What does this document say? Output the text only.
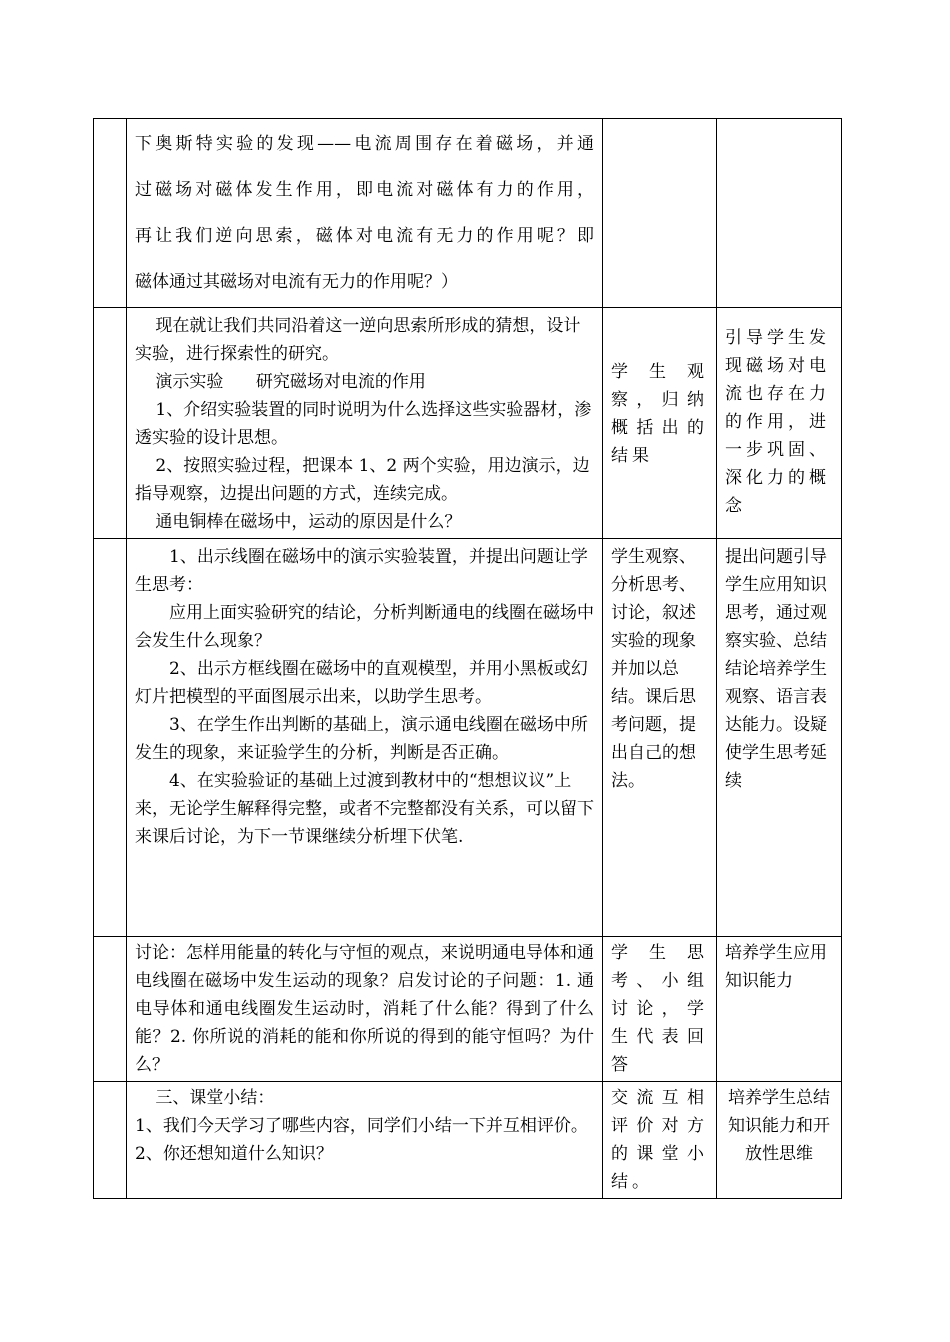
	下奥斯特实验的发现——电流周围存在着磁场，并通

过磁场对磁体发生作用，即电流对磁体有力的作用，

再让我们逆向思索，磁体对电流有无力的作用呢？即

磁体通过其磁场对电流有无力的作用呢？）		

	现在就让我们共同沿着这一逆向思索所形成的猜想，设计实验，进行探索性的研究。

演示实验      研究磁场对电流的作用

1、介绍实验装置的同时说明为什么选择这些实验器材，渗透实验的设计思想。

2、按照实验过程，把课本 1、2 两个实验，用边演示，边指导观察，边提出问题的方式，连续完成。

通电铜棒在磁场中，运动的原因是什么？	学生观察，归纳概括出的结果	引导学生发现磁场对电流也存在力的作用，进一步巩固、深化力的概念

	1、出示线圈在磁场中的演示实验装置，并提出问题让学生思考：

应用上面实验研究的结论，分析判断通电的线圈在磁场中会发生什么现象？

2、出示方框线圈在磁场中的直观模型，并用小黑板或幻灯片把模型的平面图展示出来，以助学生思考。

3、在学生作出判断的基础上，演示通电线圈在磁场中所发生的现象，来证验学生的分析，判断是否正确。

4、在实验验证的基础上过渡到教材中的“想想议议”上来，无论学生解释得完整，或者不完整都没有关系，可以留下来课后讨论，为下一节课继续分析埋下伏笔.	学生观察、分析思考、讨论，叙述实验的现象并加以总结。课后思考问题，提出自己的想法。	提出问题引导学生应用知识思考，通过观察实验、总结结论培养学生观察、语言表达能力。设疑使学生思考延续

	讨论：怎样用能量的转化与守恒的观点，来说明通电导体和通电线圈在磁场中发生运动的现象？启发讨论的子问题：1. 通电导体和通电线圈发生运动时，消耗了什么能？得到了什么能？2. 你所说的消耗的能和你所说的得到的能守恒吗？为什么？	学生思考、小组讨论，学生代表回答	培养学生应用知识能力

	三、课堂小结：

1、我们今天学习了哪些内容，同学们小结一下并互相评价。

2、你还想知道什么知识？	交流互相评价对方的课堂小结。	培养学生总结知识能力和开放性思维
